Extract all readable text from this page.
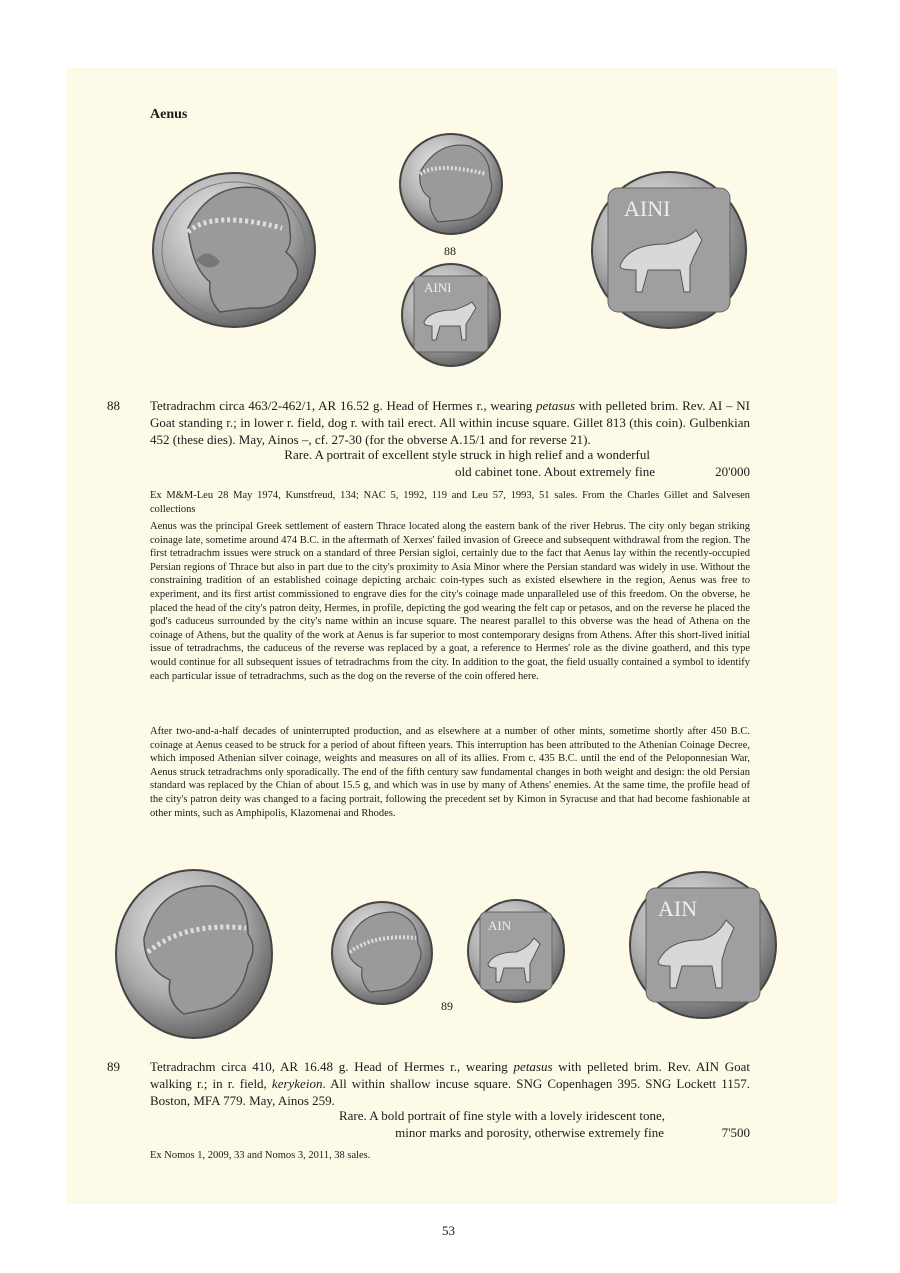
Aenus
88
AINI
AINI
88 Tetradrachm circa 463/2-462/1, AR 16.52 g. Head of Hermes r., wearing petasus with pelleted brim. Rev. AI – NI Goat standing r.; in lower r. field, dog r. with tail erect. All within incuse square. Gillet 813 (this coin). Gulbenkian 452 (these dies). May, Ainos –, cf. 27-30 (for the obverse A.15/1 and for reverse 21).
Rare. A portrait of excellent style struck in high relief and a wonderful
old cabinet tone. About extremely fine	20'000
Ex M&M-Leu 28 May 1974, Kunstfreud, 134; NAC 5, 1992, 119 and Leu 57, 1993, 51 sales. From the Charles Gillet and Salvesen collections
Aenus was the principal Greek settlement of eastern Thrace located along the eastern bank of the river Hebrus. The city only began striking coinage late, sometime around 474 B.C. in the aftermath of Xerxes' failed invasion of Greece and subsequent withdrawal from the region. The first tetradrachm issues were struck on a standard of three Persian sigloi, certainly due to the fact that Aenus lay within the recently-occupied Persian regions of Thrace but also in part due to the city's proximity to Asia Minor where the Persian standard was widely in use. Without the constraining tradition of an established coinage depicting archaic coin-types such as existed elsewhere in the region, Aenus was free to experiment, and its first artist commissioned to engrave dies for the city's coinage made unparalleled use of this freedom. On the obverse, he placed the head of the city's patron deity, Hermes, in profile, depicting the god wearing the felt cap or petasos, and on the reverse he placed the god's caduceus surrounded by the city's name within an incuse square. The nearest parallel to this obverse was the head of Athena on the coinage of Athens, but the quality of the work at Aenus is far superior to most contemporary designs from Athens. After this short-lived initial issue of tetradrachms, the caduceus of the reverse was replaced by a goat, a reference to Hermes' role as the divine goatherd, and this type would continue for all subsequent issues of tetradrachms from the city. In addition to the goat, the field usually contained a symbol to identify each particular issue of tetradrachms, such as the dog on the reverse of the coin offered here.
After two-and-a-half decades of uninterrupted production, and as elsewhere at a number of other mints, sometime shortly after 450 B.C. coinage at Aenus ceased to be struck for a period of about fifteen years. This interruption has been attributed to the Athenian Coinage Decree, which imposed Athenian silver coinage, weights and measures on all of its allies. From c. 435 B.C. until the end of the Peloponnesian War, Aenus struck tetradrachms only sporadically. The end of the fifth century saw fundamental changes in both weight and design: the old Persian standard was replaced by the Chian of about 15.5 g, and which was in use by many of Athens' enemies. At the same time, the profile head of the city's patron deity was changed to a facing portrait, following the precedent set by Kimon in Syracuse and that had become fashionable at other mints, such as Amphipolis, Klazomenai and Rhodes.
AIN
89
AIN
89 Tetradrachm circa 410, AR 16.48 g. Head of Hermes r., wearing petasus with pelleted brim. Rev. AIN Goat walking r.; in r. field, kerykeion. All within shallow incuse square. SNG Copenhagen 395. SNG Lockett 1157. Boston, MFA 779. May, Ainos 259.
Rare. A bold portrait of fine style with a lovely iridescent tone,
minor marks and porosity, otherwise extremely fine	7'500
Ex Nomos 1, 2009, 33 and Nomos 3, 2011, 38 sales.
53
